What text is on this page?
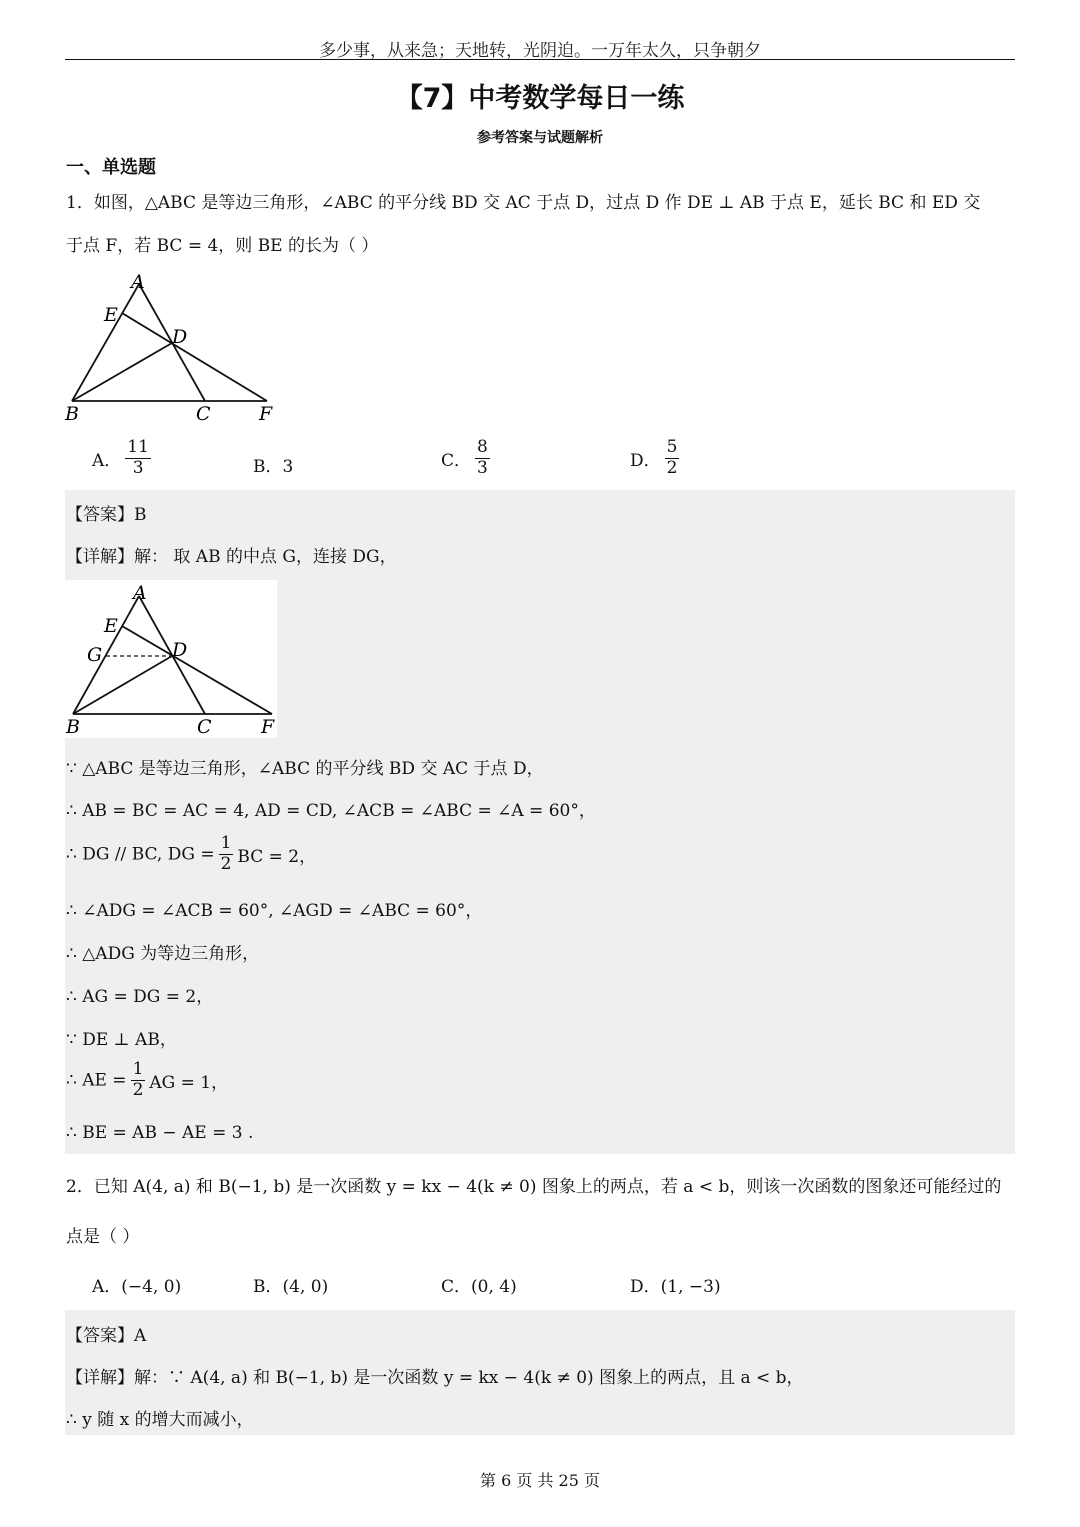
多少事，从来急；天地转，光阴迫。一万年太久，只争朝夕
【7】中考数学每日一练
参考答案与试题解析
一、单选题
1．如图，△ABC 是等边三角形，∠ABC 的平分线 BD 交 AC 于点 D，过点 D 作 DE ⊥ AB 于点 E，延长 BC 和 ED 交
于点 F，若 BC = 4，则 BE 的长为（ ）
A
E
D
B	C	F
A． $\frac{11}{3}$	B．3	C． $\frac{8}{3}$	D． $\frac{5}{2}$
【答案】B
【详解】解： 取 AB 的中点 G，连接 DG，
A
E
G	D
B	C	F
∵ △ABC 是等边三角形，∠ABC 的平分线 BD 交 AC 于点 D，
∴ AB = BC = AC = 4, AD = CD, ∠ACB = ∠ABC = ∠A = 60°，
∴ DG // BC, DG = $\frac{1}{2}$ BC = 2，
∴ ∠ADG = ∠ACB = 60°, ∠AGD = ∠ABC = 60°，
∴ △ADG 为等边三角形，
∴ AG = DG = 2，
∵ DE ⊥ AB，
∴ AE = $\frac{1}{2}$ AG = 1，
∴ BE = AB − AE = 3 .
2．已知 A(4, a) 和 B(−1, b) 是一次函数 y = kx − 4(k ≠ 0) 图象上的两点，若 a < b，则该一次函数的图象还可能经过的
点是（ ）
A．(−4, 0)	B．(4, 0)	C．(0, 4)	D．(1, −3)
【答案】A
【详解】解：∵ A(4, a) 和 B(−1, b) 是一次函数 y = kx − 4(k ≠ 0) 图象上的两点，且 a < b，
∴ y 随 x 的增大而减小，
第 6 页 共 25 页
